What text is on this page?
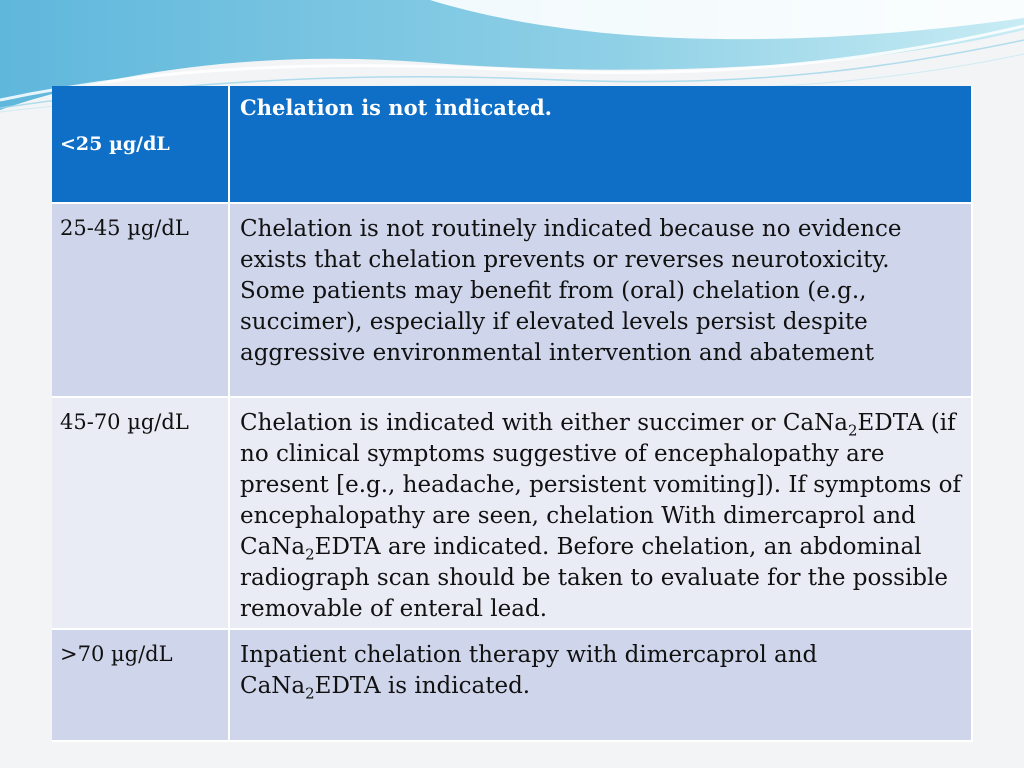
<25 µg/dL	Chelation is not indicated.
25-45 µg/dL	Chelation is not routinely indicated because no evidence exists that chelation prevents or reverses neurotoxicity. Some patients may benefit from (oral) chelation (e.g., succimer), especially if elevated levels persist despite aggressive environmental intervention and abatement
45-70 µg/dL	Chelation is indicated with either succimer or CaNa$_2$EDTA (if no clinical symptoms suggestive of encephalopathy are present [e.g., headache, persistent vomiting]). If symptoms of encephalopathy are seen, chelation With dimercaprol and CaNa$_2$EDTA are indicated. Before chelation, an abdominal radiograph scan should be taken to evaluate for the possible removable of enteral lead.
>70 µg/dL	Inpatient chelation therapy with dimercaprol and CaNa$_2$EDTA is indicated.
